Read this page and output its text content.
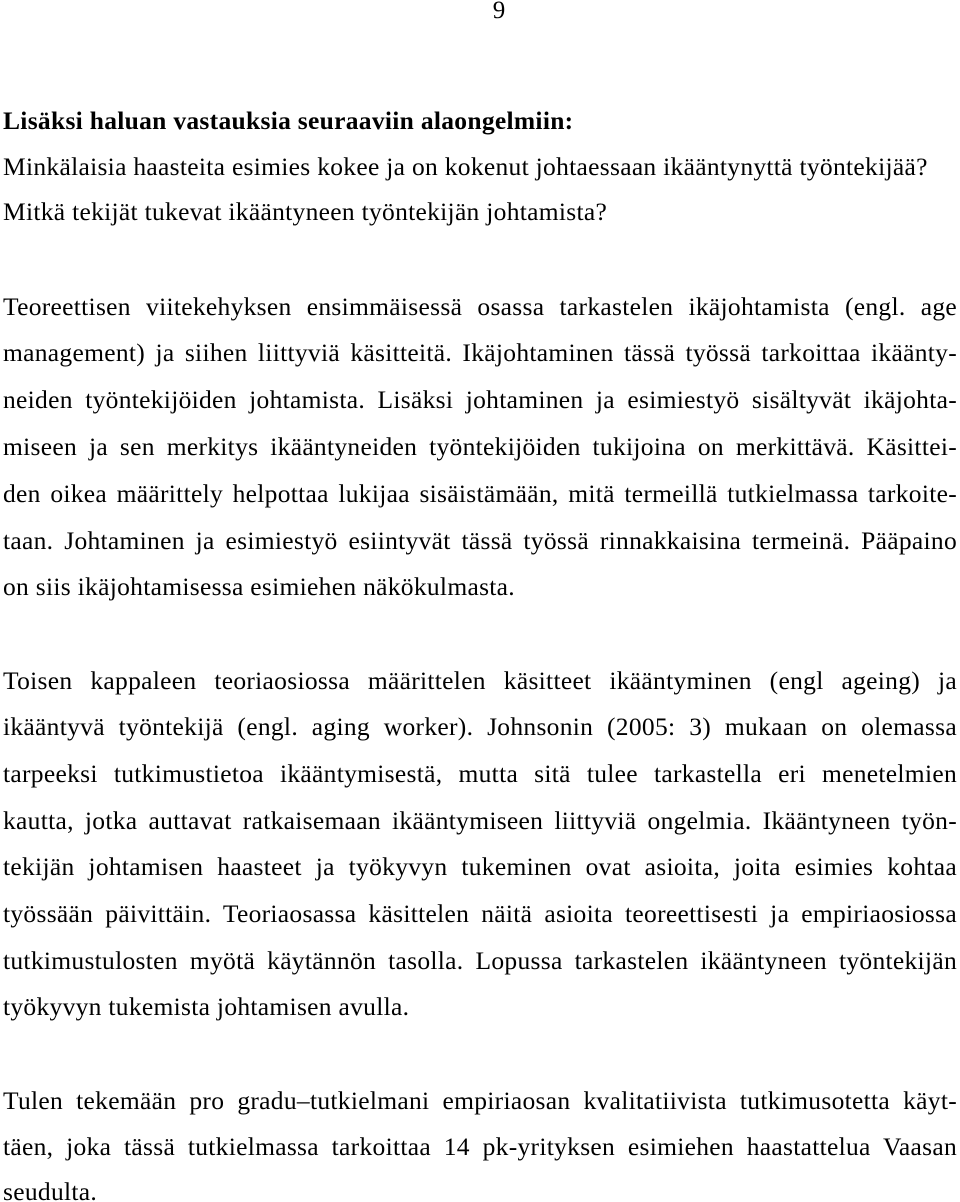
9
Lisäksi haluan vastauksia seuraaviin alaongelmiin:
Minkälaisia haasteita esimies kokee ja on kokenut johtaessaan ikääntynyttä työntekijää?
Mitkä tekijät tukevat ikääntyneen työntekijän johtamista?
Teoreettisen viitekehyksen ensimmäisessä osassa tarkastelen ikäjohtamista (engl. age
management) ja siihen liittyviä käsitteitä. Ikäjohtaminen tässä työssä tarkoittaa ikäänty-
neiden työntekijöiden johtamista. Lisäksi johtaminen ja esimiestyö sisältyvät ikäjohta-
miseen ja sen merkitys ikääntyneiden työntekijöiden tukijoina on merkittävä. Käsittei-
den oikea määrittely helpottaa lukijaa sisäistämään, mitä termeillä tutkielmassa tarkoite-
taan. Johtaminen ja esimiestyö esiintyvät tässä työssä rinnakkaisina termeinä. Pääpaino
on siis ikäjohtamisessa esimiehen näkökulmasta.
Toisen kappaleen teoriaosiossa määrittelen käsitteet ikääntyminen (engl ageing) ja
ikääntyvä työntekijä (engl. aging worker). Johnsonin (2005: 3) mukaan on olemassa
tarpeeksi tutkimustietoa ikääntymisestä, mutta sitä tulee tarkastella eri menetelmien
kautta, jotka auttavat ratkaisemaan ikääntymiseen liittyviä ongelmia. Ikääntyneen työn-
tekijän johtamisen haasteet ja työkyvyn tukeminen ovat asioita, joita esimies kohtaa
työssään päivittäin. Teoriaosassa käsittelen näitä asioita teoreettisesti ja empiriaosiossa
tutkimustulosten myötä käytännön tasolla. Lopussa tarkastelen ikääntyneen työntekijän
työkyvyn tukemista johtamisen avulla.
Tulen tekemään pro gradu–tutkielmani empiriaosan kvalitatiivista tutkimusotetta käyt-
täen, joka tässä tutkielmassa tarkoittaa 14 pk-yrityksen esimiehen haastattelua Vaasan
seudulta.
